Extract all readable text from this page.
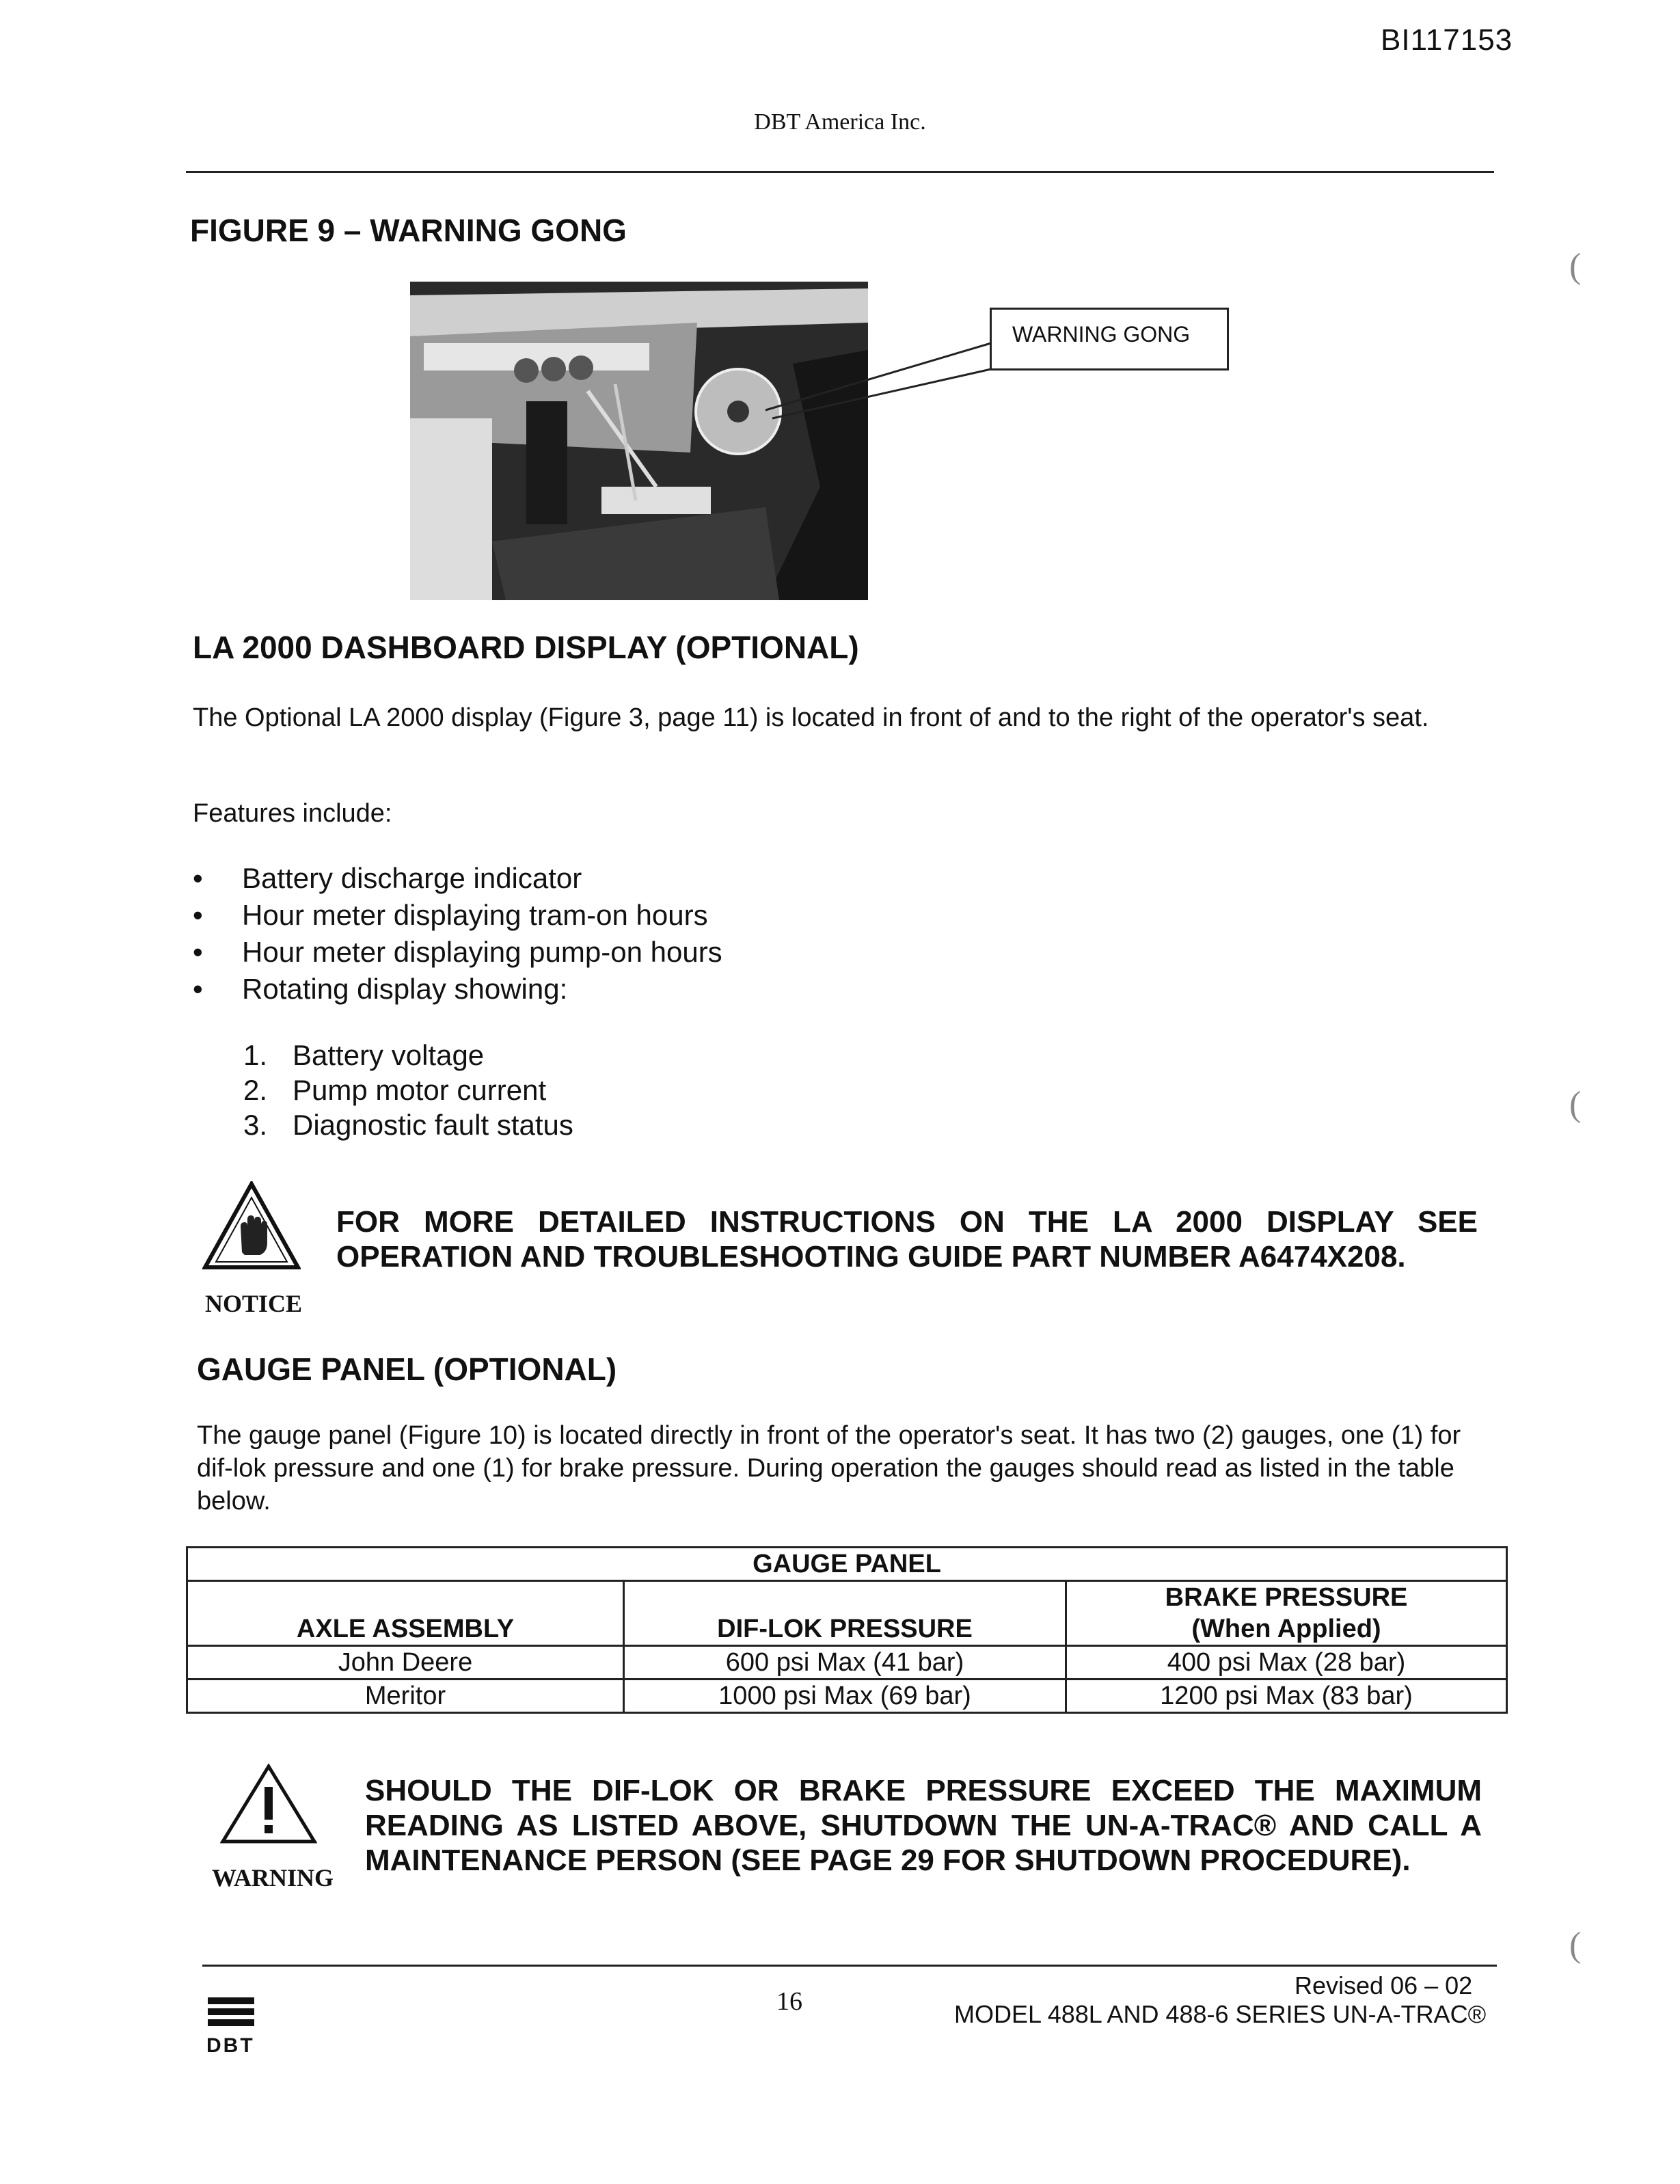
BI117153
DBT America Inc.
FIGURE 9 – WARNING GONG
WARNING GONG
LA 2000 DASHBOARD DISPLAY (OPTIONAL)
The Optional LA 2000 display (Figure 3, page 11) is located in front of and to the right of the operator's seat.
Features include:
•	Battery discharge indicator
•	Hour meter displaying tram-on hours
•	Hour meter displaying pump-on hours
•	Rotating display showing:
1. Battery voltage
2. Pump motor current
3. Diagnostic fault status
NOTICE
FOR MORE DETAILED INSTRUCTIONS ON THE LA 2000 DISPLAY SEE OPERATION AND TROUBLESHOOTING GUIDE PART NUMBER A6474X208.
GAUGE PANEL (OPTIONAL)
The gauge panel (Figure 10) is located directly in front of the operator's seat. It has two (2) gauges, one (1) for dif-lok pressure and one (1) for brake pressure. During operation the gauges should read as listed in the table below.
GAUGE PANEL		
AXLE ASSEMBLY	DIF-LOK PRESSURE	BRAKE PRESSURE
(When Applied)

John Deere	600 psi Max (41 bar)	400 psi Max (28 bar)
Meritor	1000 psi Max (69 bar)	1200 psi Max (83 bar)
WARNING
SHOULD THE DIF-LOK OR BRAKE PRESSURE EXCEED THE MAXIMUM READING AS LISTED ABOVE, SHUTDOWN THE UN-A-TRAC® AND CALL A MAINTENANCE PERSON (SEE PAGE 29 FOR SHUTDOWN PROCEDURE).
DBT
16
Revised 06 – 02
MODEL 488L AND 488-6 SERIES UN-A-TRAC®
(
(
(
